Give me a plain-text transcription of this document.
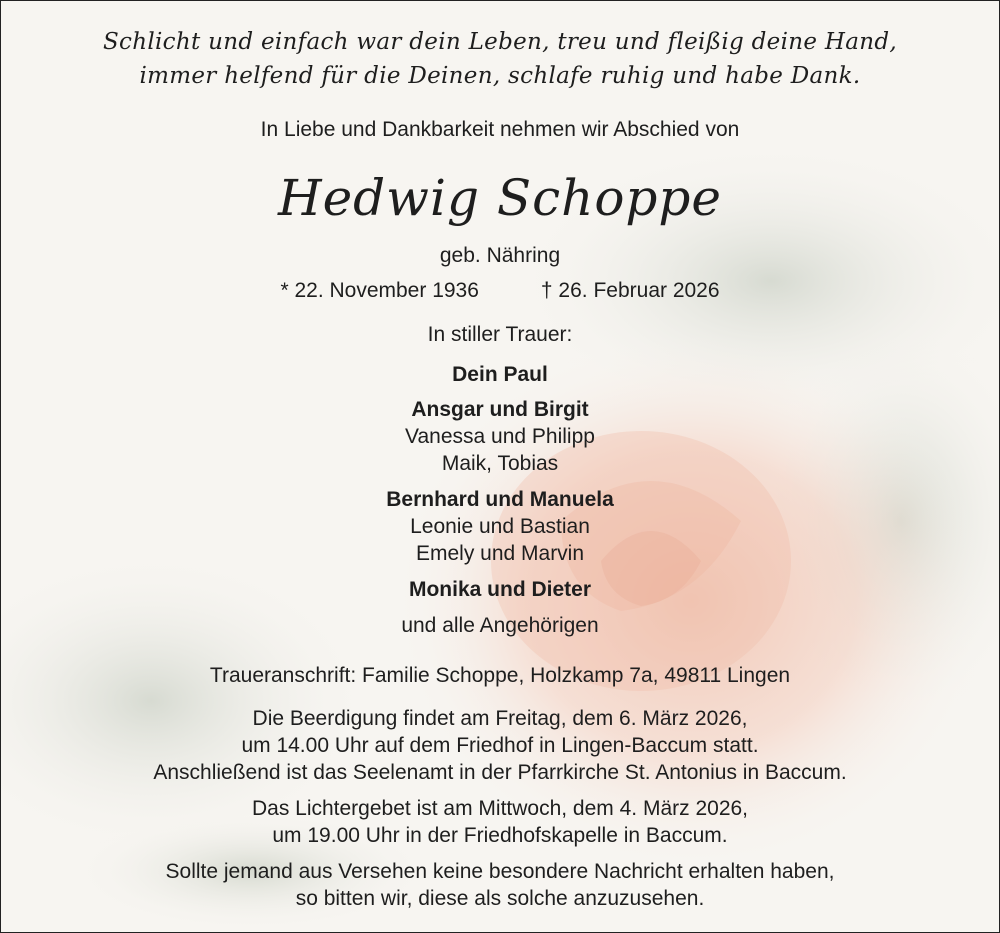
Schlicht und einfach war dein Leben, treu und fleißig deine Hand,
immer helfend für die Deinen, schlafe ruhig und habe Dank.
In Liebe und Dankbarkeit nehmen wir Abschied von
Hedwig Schoppe
geb. Nähring
* 22. November 1936	† 26. Februar 2026
In stiller Trauer:
Dein Paul
Ansgar und Birgit
Vanessa und Philipp
Maik, Tobias
Bernhard und Manuela
Leonie und Bastian
Emely und Marvin
Monika und Dieter
und alle Angehörigen
Traueranschrift: Familie Schoppe, Holzkamp 7a, 49811 Lingen
Die Beerdigung findet am Freitag, dem 6. März 2026,
um 14.00 Uhr auf dem Friedhof in Lingen-Baccum statt.
Anschließend ist das Seelenamt in der Pfarrkirche St. Antonius in Baccum.
Das Lichtergebet ist am Mittwoch, dem 4. März 2026,
um 19.00 Uhr in der Friedhofskapelle in Baccum.
Sollte jemand aus Versehen keine besondere Nachricht erhalten haben,
so bitten wir, diese als solche anzuzusehen.
